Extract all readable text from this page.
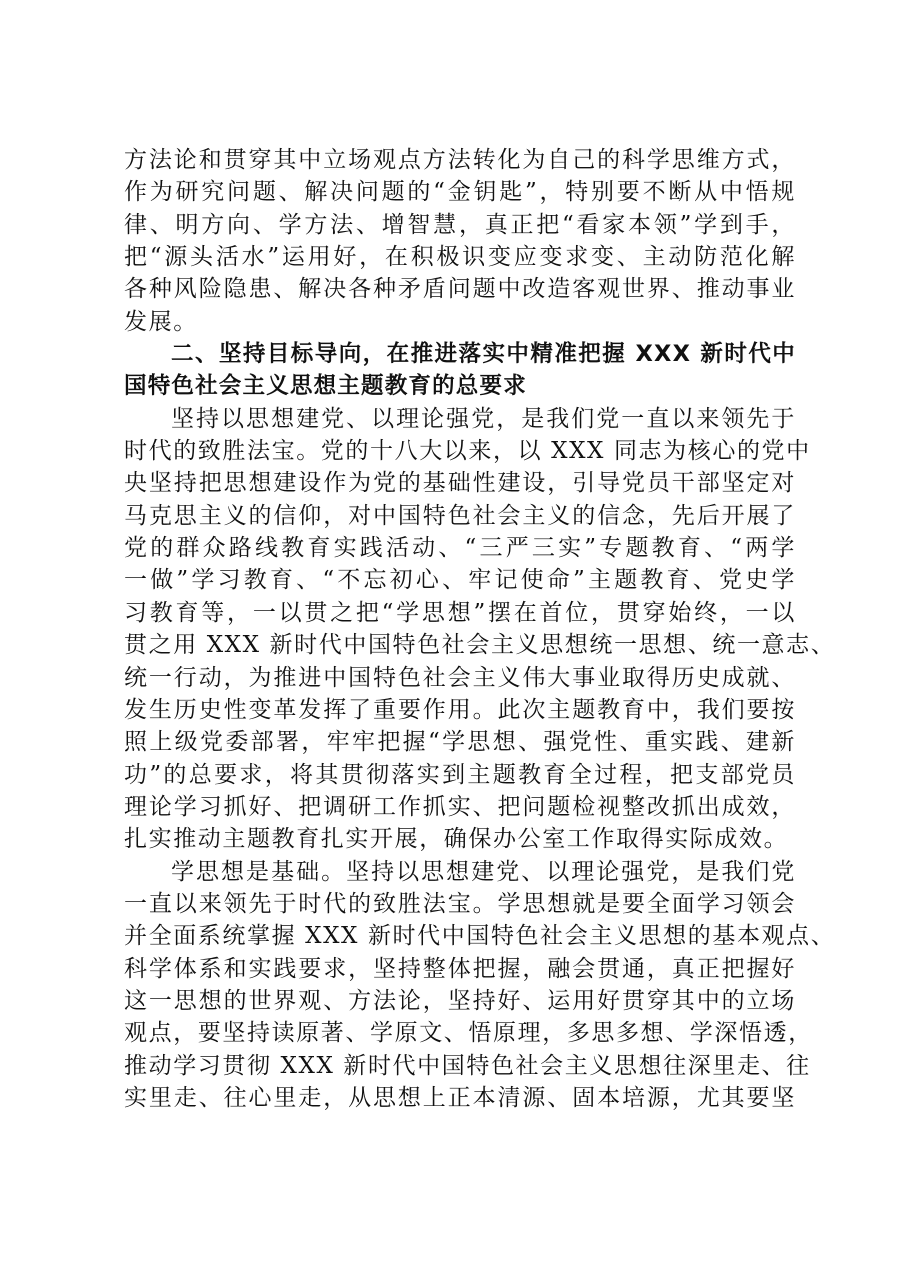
方法论和贯穿其中立场观点方法转化为自己的科学思维方式，
作为研究问题、解决问题的“金钥匙”，特别要不断从中悟规
律、明方向、学方法、增智慧，真正把“看家本领”学到手，
把“源头活水”运用好，在积极识变应变求变、主动防范化解
各种风险隐患、解决各种矛盾问题中改造客观世界、推动事业
发展。
二、坚持目标导向，在推进落实中精准把握 XXX 新时代中
国特色社会主义思想主题教育的总要求
坚持以思想建党、以理论强党，是我们党一直以来领先于
时代的致胜法宝。党的十八大以来，以 XXX 同志为核心的党中
央坚持把思想建设作为党的基础性建设，引导党员干部坚定对
马克思主义的信仰，对中国特色社会主义的信念，先后开展了
党的群众路线教育实践活动、“三严三实”专题教育、“两学
一做”学习教育、“不忘初心、牢记使命”主题教育、党史学
习教育等，一以贯之把“学思想”摆在首位，贯穿始终，一以
贯之用 XXX 新时代中国特色社会主义思想统一思想、统一意志、
统一行动，为推进中国特色社会主义伟大事业取得历史成就、
发生历史性变革发挥了重要作用。此次主题教育中，我们要按
照上级党委部署，牢牢把握“学思想、强党性、重实践、建新
功”的总要求，将其贯彻落实到主题教育全过程，把支部党员
理论学习抓好、把调研工作抓实、把问题检视整改抓出成效，
扎实推动主题教育扎实开展，确保办公室工作取得实际成效。
学思想是基础。坚持以思想建党、以理论强党，是我们党
一直以来领先于时代的致胜法宝。学思想就是要全面学习领会
并全面系统掌握 XXX 新时代中国特色社会主义思想的基本观点、
科学体系和实践要求，坚持整体把握，融会贯通，真正把握好
这一思想的世界观、方法论，坚持好、运用好贯穿其中的立场
观点，要坚持读原著、学原文、悟原理，多思多想、学深悟透，
推动学习贯彻 XXX 新时代中国特色社会主义思想往深里走、往
实里走、往心里走，从思想上正本清源、固本培源，尤其要坚
